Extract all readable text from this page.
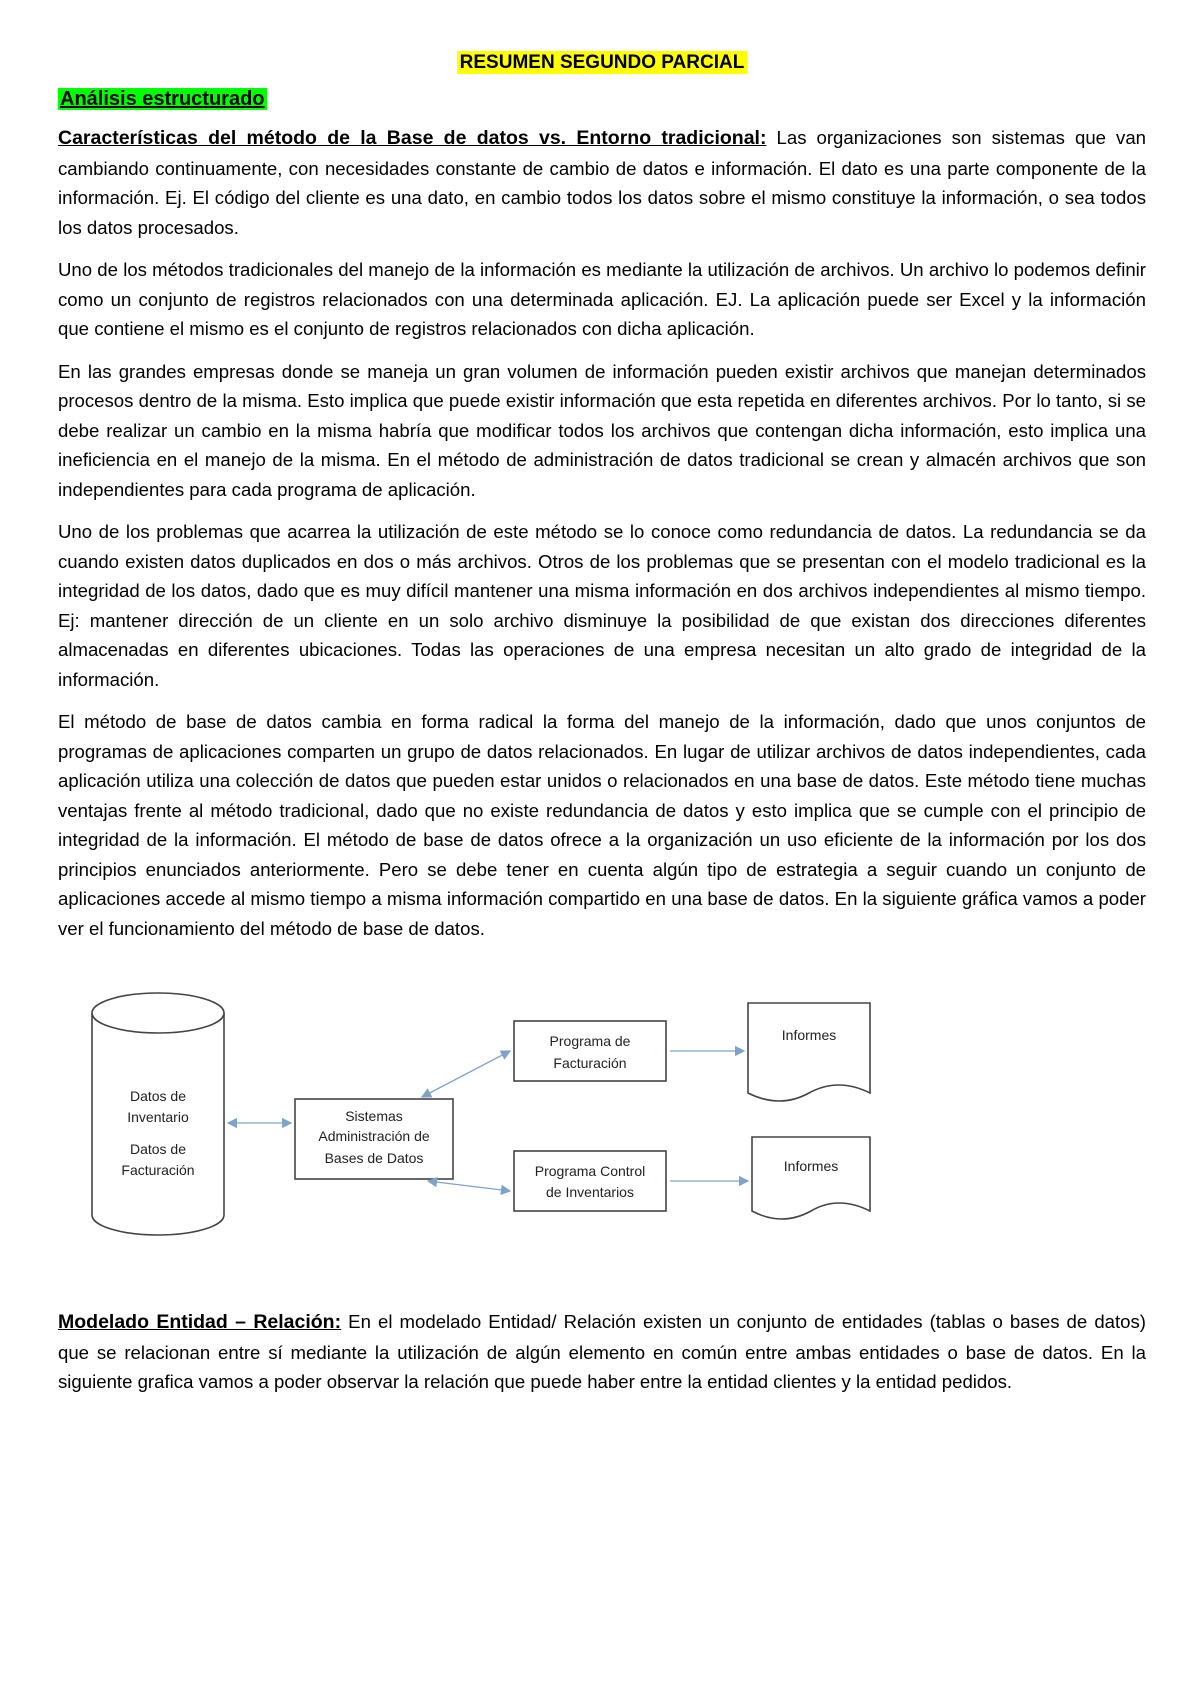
RESUMEN SEGUNDO PARCIAL
Análisis estructurado

Características del método de la Base de datos vs. Entorno tradicional: Las organizaciones son sistemas que van cambiando continuamente, con necesidades constante de cambio de datos e información. El dato es una parte componente de la información. Ej. El código del cliente es una dato, en cambio todos los datos sobre el mismo constituye la información, o sea todos los datos procesados.

Uno de los métodos tradicionales del manejo de la información es mediante la utilización de archivos. Un archivo lo podemos definir como un conjunto de registros relacionados con una determinada aplicación. EJ. La aplicación puede ser Excel y la información que contiene el mismo es el conjunto de registros relacionados con dicha aplicación.

En las grandes empresas donde se maneja un gran volumen de información pueden existir archivos que manejan determinados procesos dentro de la misma. Esto implica que puede existir información que esta repetida en diferentes archivos. Por lo tanto, si se debe realizar un cambio en la misma habría que modificar todos los archivos que contengan dicha información, esto implica una ineficiencia en el manejo de la misma. En el método de administración de datos tradicional se crean y almacén archivos que son independientes para cada programa de aplicación.

Uno de los problemas que acarrea la utilización de este método se lo conoce como redundancia de datos. La redundancia se da cuando existen datos duplicados en dos o más archivos. Otros de los problemas que se presentan con el modelo tradicional es la integridad de los datos, dado que es muy difícil mantener una misma información en dos archivos independientes al mismo tiempo. Ej: mantener dirección de un cliente en un solo archivo disminuye la posibilidad de que existan dos direcciones diferentes almacenadas en diferentes ubicaciones. Todas las operaciones de una empresa necesitan un alto grado de integridad de la información.

El método de base de datos cambia en forma radical la forma del manejo de la información, dado que unos conjuntos de programas de aplicaciones comparten un grupo de datos relacionados. En lugar de utilizar archivos de datos independientes, cada aplicación utiliza una colección de datos que pueden estar unidos o relacionados en una base de datos. Este método tiene muchas ventajas frente al método tradicional, dado que no existe redundancia de datos y esto implica que se cumple con el principio de integridad de la información. El método de base de datos ofrece a la organización un uso eficiente de la información por los dos principios enunciados anteriormente. Pero se debe tener en cuenta algún tipo de estrategia a seguir cuando un conjunto de aplicaciones accede al mismo tiempo a misma información compartido en una base de datos. En la siguiente gráfica vamos a poder ver el funcionamiento del método de base de datos.

Datos de
Inventario
Datos de
Facturación
Sistemas
Administración de
Bases de Datos
Programa de
Facturación
Programa Control
de Inventarios
Informes
Informes

Modelado Entidad – Relación: En el modelado Entidad/ Relación existen un conjunto de entidades (tablas o bases de datos) que se relacionan entre sí mediante la utilización de algún elemento en común entre ambas entidades o base de datos. En la siguiente grafica vamos a poder observar la relación que puede haber entre la entidad clientes y la entidad pedidos.
